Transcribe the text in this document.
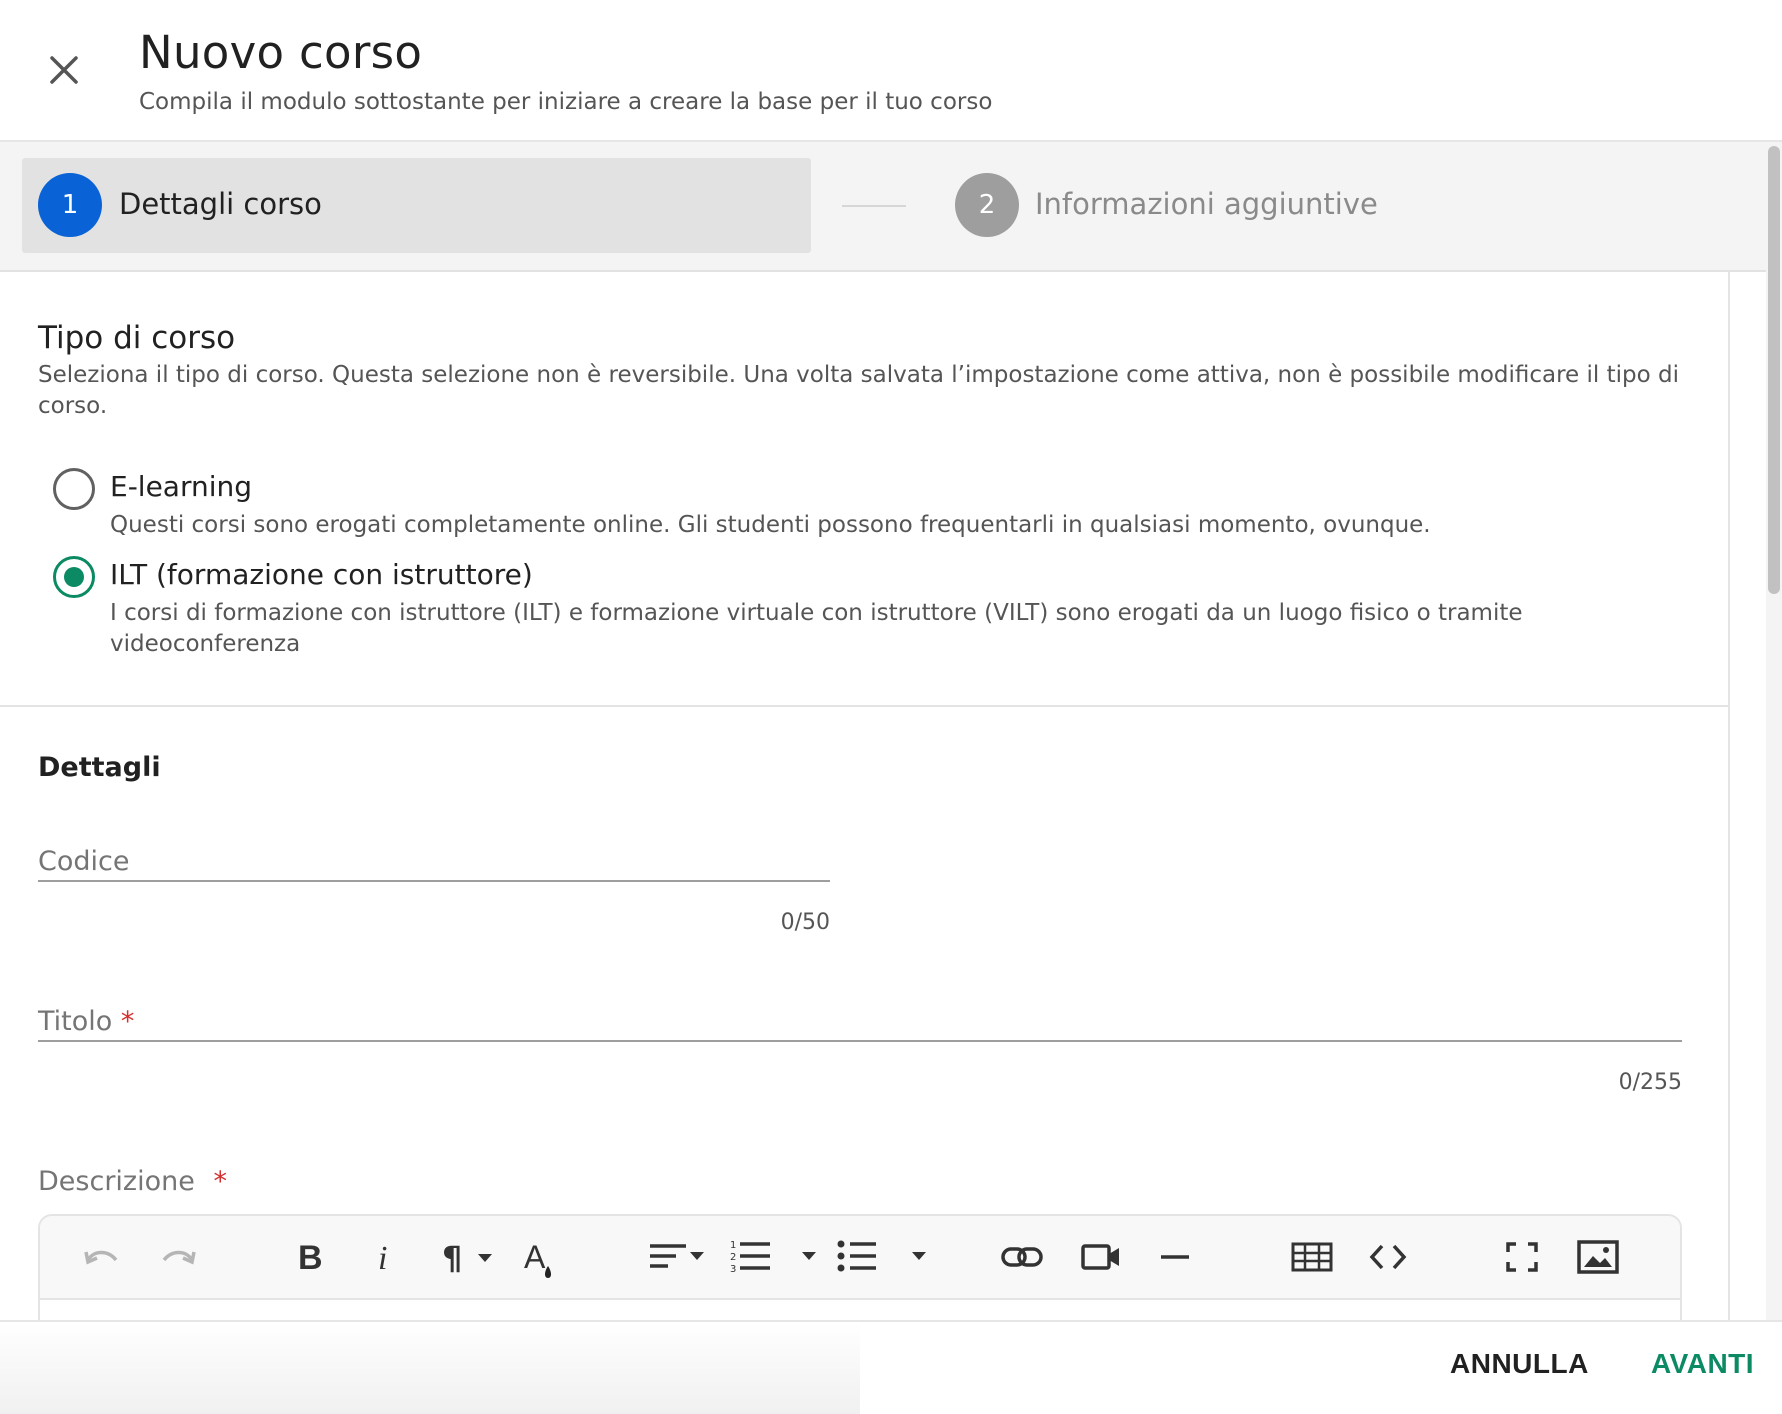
Nuovo corso
Compila il modulo sottostante per iniziare a creare la base per il tuo corso
1	Dettagli corso	2	Informazioni aggiuntive
Tipo di corso
Seleziona il tipo di corso. Questa selezione non è reversibile. Una volta salvata l’impostazione come attiva, non è possibile modificare il tipo di corso.
E-learning
Questi corsi sono erogati completamente online. Gli studenti possono frequentarli in qualsiasi momento, ovunque.
ILT (formazione con istruttore)
I corsi di formazione con istruttore (ILT) e formazione virtuale con istruttore (VILT) sono erogati da un luogo fisico o tramite videoconferenza
Dettagli
Codice
0/50
Titolo *
0/255
Descrizione *
B i ¶ A	1
2
3
ANNULLA AVANTI
